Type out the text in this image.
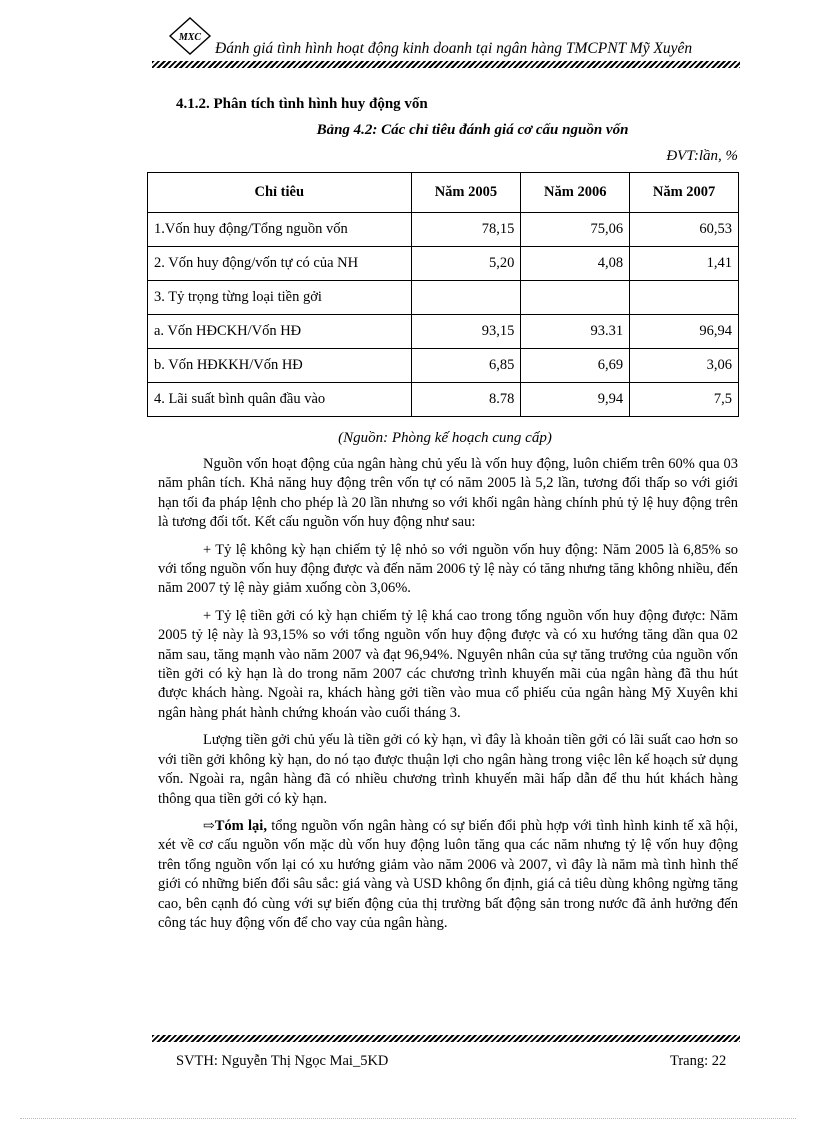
MXC
Đánh giá tình hình hoạt động kinh doanh tại ngân hàng TMCPNT Mỹ Xuyên
4.1.2. Phân tích tình hình huy động vốn
Bảng 4.2: Các chỉ tiêu đánh giá cơ cấu nguồn vốn
ĐVT:lần, %
Chỉ tiêu	Năm 2005	Năm 2006	Năm 2007
1.Vốn huy động/Tổng nguồn vốn	78,15	75,06	60,53
2. Vốn huy động/vốn tự có của NH	5,20	4,08	1,41
3. Tỷ trọng từng loại tiền gởi			
a. Vốn HĐCKH/Vốn HĐ	93,15	93.31	96,94
b. Vốn HĐKKH/Vốn HĐ	6,85	6,69	3,06
4. Lãi suất bình quân đầu vào	8.78	9,94	7,5
(Nguồn: Phòng kế hoạch cung cấp)

Nguồn vốn hoạt động của ngân hàng chủ yếu là vốn huy động, luôn chiếm trên 60% qua 03 năm phân tích. Khả năng huy động trên vốn tự có năm 2005 là 5,2 lần, tương đối thấp so với giới hạn tối đa pháp lệnh cho phép là 20 lần nhưng so với khối ngân hàng chính phủ tỷ lệ huy động trên là tương đối tốt. Kết cấu nguồn vốn huy động như sau:

+ Tỷ lệ không kỳ hạn chiếm tỷ lệ nhỏ so với nguồn vốn huy động: Năm 2005 là 6,85% so với tổng nguồn vốn huy động được và đến năm 2006 tỷ lệ này có tăng nhưng tăng không nhiều, đến năm 2007 tỷ lệ này giảm xuống còn 3,06%.

+ Tỷ lệ tiền gởi có kỳ hạn chiếm tỷ lệ khá cao trong tổng nguồn vốn huy động được: Năm 2005 tỷ lệ này là 93,15% so với tổng nguồn vốn huy động được và có xu hướng tăng dần qua 02 năm sau, tăng mạnh vào năm 2007 và đạt 96,94%. Nguyên nhân của sự tăng trưởng của nguồn vốn tiền gởi có kỳ hạn là do trong năm 2007 các chương trình khuyến mãi của ngân hàng đã thu hút được khách hàng. Ngoài ra, khách hàng gởi tiền vào mua cổ phiếu của ngân hàng Mỹ Xuyên khi ngân hàng phát hành chứng khoán vào cuối tháng 3.

Lượng tiền gởi chủ yếu là tiền gởi có kỳ hạn, vì đây là khoản tiền gởi có lãi suất cao hơn so với tiền gởi không kỳ hạn, do nó tạo được thuận lợi cho ngân hàng trong việc lên kế hoạch sử dụng vốn. Ngoài ra, ngân hàng đã có nhiều chương trình khuyến mãi hấp dẫn để thu hút khách hàng thông qua tiền gởi có kỳ hạn.

⇨Tóm lại, tổng nguồn vốn ngân hàng có sự biến đổi phù hợp với tình hình kinh tế xã hội, xét về cơ cấu nguồn vốn mặc dù vốn huy động luôn tăng qua các năm nhưng tỷ lệ vốn huy động trên tổng nguồn vốn lại có xu hướng giảm vào năm 2006 và 2007, vì đây là năm mà tình hình thế giới có những biến đổi sâu sắc: giá vàng và USD không ổn định, giá cả tiêu dùng không ngừng tăng cao, bên cạnh đó cùng với sự biến động của thị trường bất động sản trong nước đã ảnh hưởng đến công tác huy động vốn để cho vay của ngân hàng.

SVTH: Nguyễn Thị Ngọc Mai_5KD	Trang: 22
